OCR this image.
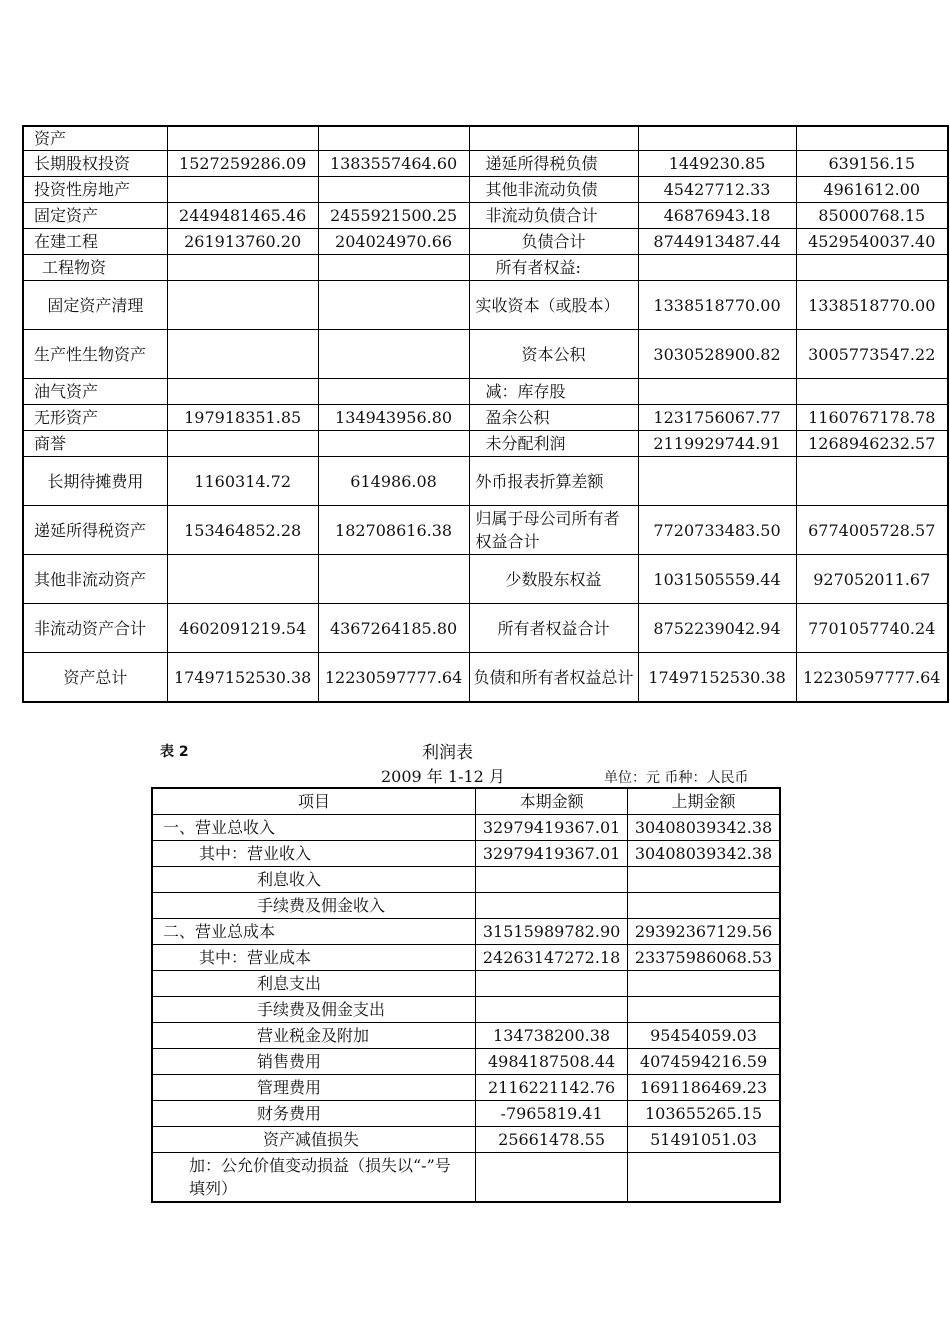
资产					
长期股权投资	1527259286.09	1383557464.60	递延所得税负债	1449230.85	639156.15
投资性房地产			其他非流动负债	45427712.33	4961612.00
固定资产	2449481465.46	2455921500.25	非流动负债合计	46876943.18	85000768.15
在建工程	261913760.20	204024970.66	负债合计	8744913487.44	4529540037.40
工程物资			所有者权益:		
固定资产清理			实收资本（或股本）	1338518770.00	1338518770.00
生产性生物资产			资本公积	3030528900.82	3005773547.22
油气资产			减：库存股		
无形资产	197918351.85	134943956.80	盈余公积	1231756067.77	1160767178.78
商誉			未分配利润	2119929744.91	1268946232.57
长期待摊费用	1160314.72	614986.08	外币报表折算差额		
递延所得税资产	153464852.28	182708616.38	归属于母公司所有者权益合计	7720733483.50	6774005728.57
其他非流动资产			少数股东权益	1031505559.44	927052011.67
非流动资产合计	4602091219.54	4367264185.80	所有者权益合计	8752239042.94	7701057740.24
资产总计	17497152530.38	12230597777.64	负债和所有者权益总计	17497152530.38	12230597777.64
表 2	利润表
2009 年 1-12 月	单位：元 币种：人民币
项目	本期金额	上期金额
一、营业总收入	32979419367.01	30408039342.38
其中：营业收入	32979419367.01	30408039342.38
利息收入		
手续费及佣金收入		
二、营业总成本	31515989782.90	29392367129.56
其中：营业成本	24263147272.18	23375986068.53
利息支出		
手续费及佣金支出		
营业税金及附加	134738200.38	95454059.03
销售费用	4984187508.44	4074594216.59
管理费用	2116221142.76	1691186469.23
财务费用	-7965819.41	103655265.15
资产减值损失	25661478.55	51491051.03
加：公允价值变动损益（损失以“-”号填列）		
